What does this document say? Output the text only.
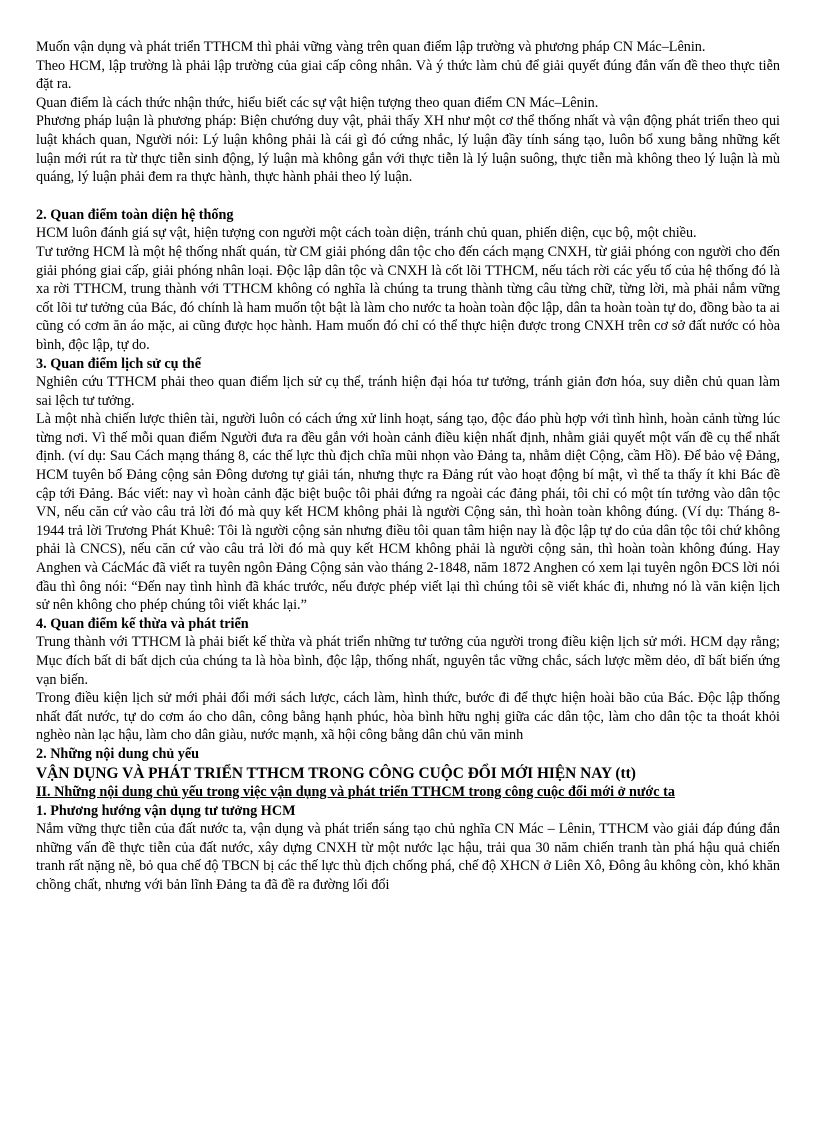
Muốn vận dụng và phát triển TTHCM thì phải vững vàng trên quan điểm lập trường và phương pháp CN Mác–Lênin.

Theo HCM, lập trường là phải lập trường của giai cấp công nhân. Và ý thức làm chủ để giải quyết đúng đắn vấn đề theo thực tiễn đặt ra.

Quan điểm là cách thức nhận thức, hiểu biết các sự vật hiện tượng theo quan điểm CN Mác–Lênin.

Phương pháp luận là phương pháp: Biện chướng duy vật, phải thấy XH như một cơ thể thống nhất và vận động phát triển theo qui luật khách quan, Người nói: Lý luận không phải là cái gì đó cứng nhắc, lý luận đầy tính sáng tạo, luôn bổ xung bằng những kết luận mới rút ra từ thực tiễn sinh động, lý luận mà không gắn với thực tiễn là lý luận suông, thực tiễn mà không theo lý luận là mù quáng, lý luận phải đem ra thực hành, thực hành phải theo lý luận.

2. Quan điểm toàn diện hệ thống

HCM luôn đánh giá sự vật, hiện tượng con người một cách toàn diện, tránh chủ quan, phiến diện, cục bộ, một chiều.

Tư tưởng HCM là một hệ thống nhất quán, từ CM giải phóng dân tộc cho đến cách mạng CNXH, từ giải phóng con người cho đến giải phóng giai cấp, giải phóng nhân loại. Độc lập dân tộc và CNXH là cốt lõi TTHCM, nếu tách rời các yếu tố của hệ thống đó là xa rời TTHCM, trung thành với TTHCM không có nghĩa là chúng ta trung thành từng câu từng chữ, từng lời, mà phải nắm vững cốt lõi tư tưởng của Bác, đó chính là ham muốn tột bật là làm cho nước ta hoàn toàn độc lập, dân ta hoàn toàn tự do, đồng bào ta ai cũng có cơm ăn áo mặc, ai cũng được học hành. Ham muốn đó chỉ có thể thực hiện được trong CNXH trên cơ sở đất nước có hòa bình, độc lập, tự do.

3. Quan điểm lịch sử cụ thể

Nghiên cứu TTHCM phải theo quan điểm lịch sử cụ thể, tránh hiện đại hóa tư tưởng, tránh giản đơn hóa, suy diễn chủ quan làm sai lệch tư tưởng.

Là một nhà chiến lược thiên tài, người luôn có cách ứng xử linh hoạt, sáng tạo, độc đáo phù hợp với tình hình, hoàn cảnh từng lúc từng nơi. Vì thế mỗi quan điểm Người đưa ra đều gắn với hoàn cảnh điều kiện nhất định, nhằm giải quyết một vấn đề cụ thể nhất định. (ví dụ: Sau Cách mạng tháng 8, các thế lực thù địch chĩa mũi nhọn vào Đảng ta, nhằm diệt Cộng, cầm Hồ). Để bảo vệ Đảng, HCM tuyên bố Đảng cộng sản Đông dương tự giải tán, nhưng thực ra Đảng rút vào hoạt động bí mật, vì thế ta thấy ít khi Bác đề cập tới Đảng. Bác viết: nay vì hoàn cảnh đặc biệt buộc tôi phải đứng ra ngoài các đảng phái, tôi chỉ có một tín tưởng vào dân tộc VN, nếu căn cứ vào câu trả lời đó mà quy kết HCM không phải là người Cộng sản, thì hoàn toàn không đúng. (Ví dụ: Tháng 8-1944 trả lời Trương Phát Khuê: Tôi là người cộng sản nhưng điều tôi quan tâm hiện nay là độc lập tự do của dân tộc tôi chứ không phải là CNCS), nếu căn cứ vào câu trả lời đó mà quy kết HCM không phải là người cộng sản, thì hoàn toàn không đúng. Hay Anghen và CácMác đã viết ra tuyên ngôn Đảng Cộng sản vào tháng 2-1848, năm 1872 Anghen có xem lại tuyên ngôn ĐCS lời nói đầu thì ông nói: “Đến nay tình hình đã khác trước, nếu được phép viết lại thì chúng tôi sẽ viết khác đi, nhưng nó là văn kiện lịch sử nên không cho phép chúng tôi viết khác lại.”

4. Quan điểm kế thừa và phát triển

Trung thành với TTHCM là phải biết kế thừa và phát triển những tư tưởng của người trong điều kiện lịch sử mới. HCM dạy rằng; Mục đích bất di bất dịch của chúng ta là hòa bình, độc lập, thống nhất, nguyên tắc vững chắc, sách lược mềm dẻo, dĩ bất biến ứng vạn biến.

Trong điều kiện lịch sử mới phải đổi mới sách lược, cách làm, hình thức, bước đi để thực hiện hoài bão của Bác. Độc lập thống nhất đất nước, tự do cơm áo cho dân, công bằng hạnh phúc, hòa bình hữu nghị giữa các dân tộc, làm cho dân tộc ta thoát khỏi nghèo nàn lạc hậu, làm cho dân giàu, nước mạnh, xã hội công bằng dân chủ văn minh

2. Những nội dung chủ yếu

VẬN DỤNG VÀ PHÁT TRIỂN TTHCM TRONG CÔNG CUỘC ĐỔI MỚI HIỆN NAY (tt)

II. Những nội dung chủ yếu trong việc vận dụng và phát triển TTHCM trong công cuộc đổi mới ở nước ta

1. Phương hướng vận dụng tư tưởng HCM

Nắm vững thực tiễn của đất nước ta, vận dụng và phát triển sáng tạo chủ nghĩa CN Mác – Lênin, TTHCM vào giải đáp đúng đắn những vấn đề thực tiễn của đất nước, xây dựng CNXH từ một nước lạc hậu, trải qua 30 năm chiến tranh tàn phá hậu quả chiến tranh rất nặng nề, bỏ qua chế độ TBCN bị các thế lực thù địch chống phá, chế độ XHCN ở Liên Xô, Đông âu không còn, khó khăn chồng chất, nhưng với bản lĩnh Đảng ta đã đề ra đường lối đổi
